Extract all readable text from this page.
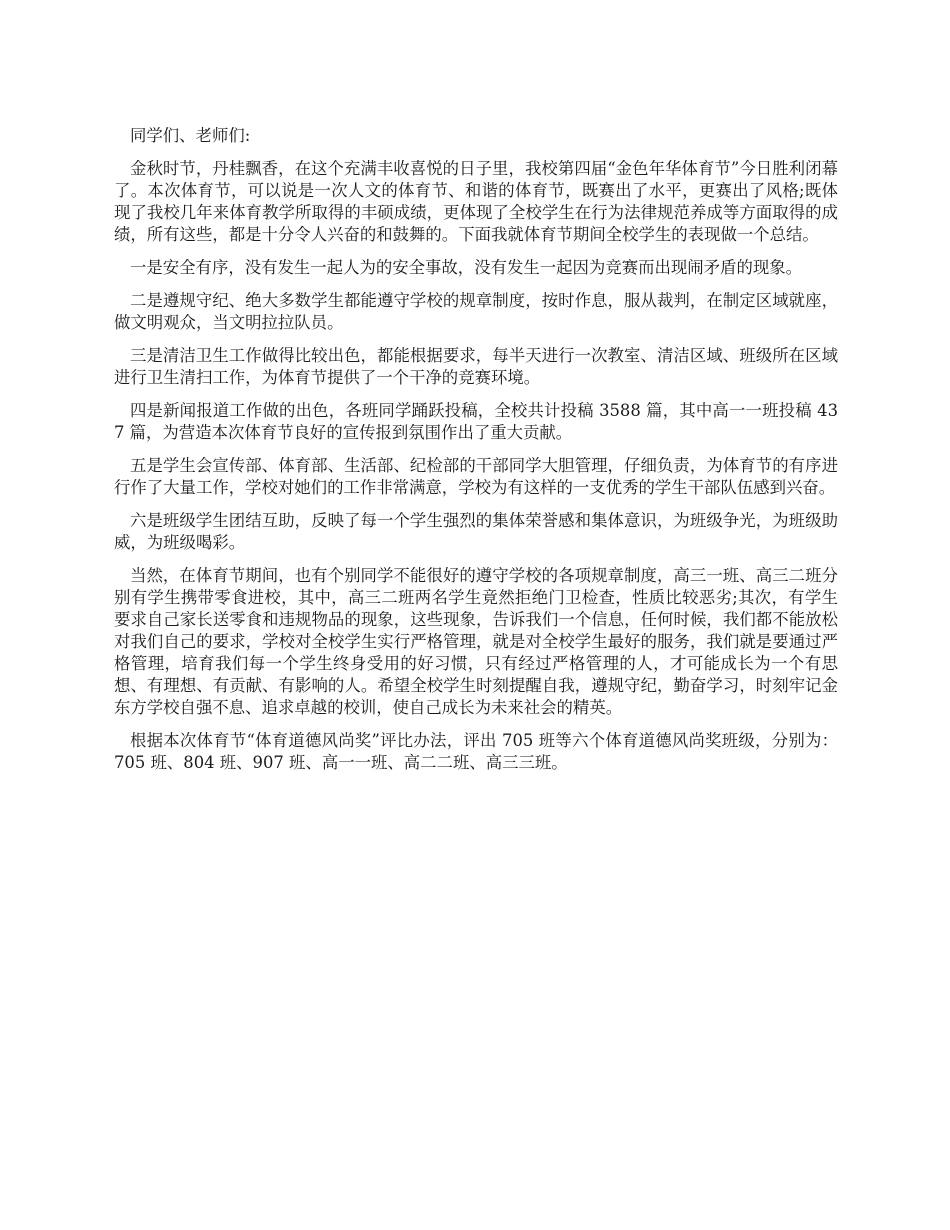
同学们、老师们:

金秋时节，丹桂飘香，在这个充满丰收喜悦的日子里，我校第四届“金色年华体育节”今日胜利闭幕了。本次体育节，可以说是一次人文的体育节、和谐的体育节，既赛出了水平，更赛出了风格;既体现了我校几年来体育教学所取得的丰硕成绩，更体现了全校学生在行为法律规范养成等方面取得的成绩，所有这些，都是十分令人兴奋的和鼓舞的。下面我就体育节期间全校学生的表现做一个总结。

一是安全有序，没有发生一起人为的安全事故，没有发生一起因为竞赛而出现闹矛盾的现象。

二是遵规守纪、绝大多数学生都能遵守学校的规章制度，按时作息，服从裁判，在制定区域就座，做文明观众，当文明拉拉队员。

三是清洁卫生工作做得比较出色，都能根据要求，每半天进行一次教室、清洁区域、班级所在区域进行卫生清扫工作，为体育节提供了一个干净的竞赛环境。

四是新闻报道工作做的出色，各班同学踊跃投稿，全校共计投稿 3588 篇，其中高一一班投稿 437 篇，为营造本次体育节良好的宣传报到氛围作出了重大贡献。

五是学生会宣传部、体育部、生活部、纪检部的干部同学大胆管理，仔细负责，为体育节的有序进行作了大量工作，学校对她们的工作非常满意，学校为有这样的一支优秀的学生干部队伍感到兴奋。

六是班级学生团结互助，反映了每一个学生强烈的集体荣誉感和集体意识，为班级争光，为班级助威，为班级喝彩。

当然，在体育节期间，也有个别同学不能很好的遵守学校的各项规章制度，高三一班、高三二班分别有学生携带零食进校，其中，高三二班两名学生竟然拒绝门卫检查，性质比较恶劣;其次，有学生要求自己家长送零食和违规物品的现象，这些现象，告诉我们一个信息，任何时候，我们都不能放松对我们自己的要求，学校对全校学生实行严格管理，就是对全校学生最好的服务，我们就是要通过严格管理，培育我们每一个学生终身受用的好习惯，只有经过严格管理的人，才可能成长为一个有思想、有理想、有贡献、有影响的人。希望全校学生时刻提醒自我，遵规守纪，勤奋学习，时刻牢记金东方学校自强不息、追求卓越的校训，使自己成长为未来社会的精英。

根据本次体育节“体育道德风尚奖”评比办法，评出 705 班等六个体育道德风尚奖班级，分别为：705 班、804 班、907 班、高一一班、高二二班、高三三班。
